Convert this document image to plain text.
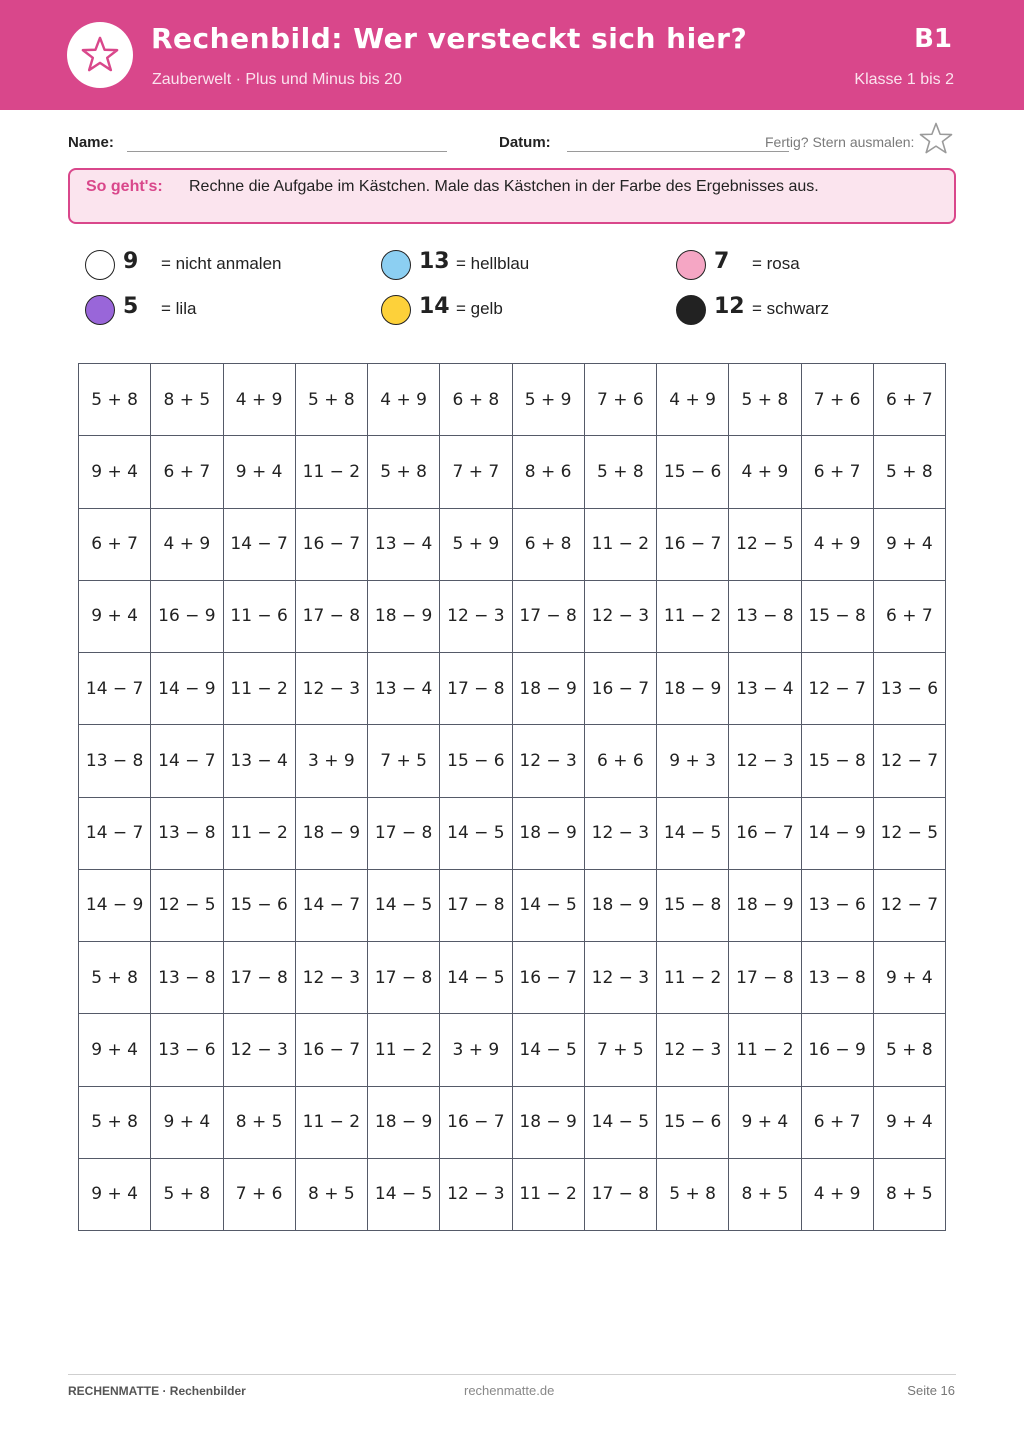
Rechenbild: Wer versteckt sich hier?
Zauberwelt · Plus und Minus bis 20
B1
Klasse 1 bis 2
Name:	Datum:	Fertig? Stern ausmalen:
So geht's: Rechne die Aufgabe im Kästchen. Male das Kästchen in der Farbe des Ergebnisses aus.
9 = nicht anmalen	13 = hellblau	7 = rosa
5 = lila	14 = gelb	12 = schwarz
5 + 8	8 + 5	4 + 9	5 + 8	4 + 9	6 + 8	5 + 9	7 + 6	4 + 9	5 + 8	7 + 6	6 + 7
9 + 4	6 + 7	9 + 4	11 − 2	5 + 8	7 + 7	8 + 6	5 + 8	15 − 6	4 + 9	6 + 7	5 + 8
6 + 7	4 + 9	14 − 7	16 − 7	13 − 4	5 + 9	6 + 8	11 − 2	16 − 7	12 − 5	4 + 9	9 + 4
9 + 4	16 − 9	11 − 6	17 − 8	18 − 9	12 − 3	17 − 8	12 − 3	11 − 2	13 − 8	15 − 8	6 + 7
14 − 7	14 − 9	11 − 2	12 − 3	13 − 4	17 − 8	18 − 9	16 − 7	18 − 9	13 − 4	12 − 7	13 − 6
13 − 8	14 − 7	13 − 4	3 + 9	7 + 5	15 − 6	12 − 3	6 + 6	9 + 3	12 − 3	15 − 8	12 − 7
14 − 7	13 − 8	11 − 2	18 − 9	17 − 8	14 − 5	18 − 9	12 − 3	14 − 5	16 − 7	14 − 9	12 − 5
14 − 9	12 − 5	15 − 6	14 − 7	14 − 5	17 − 8	14 − 5	18 − 9	15 − 8	18 − 9	13 − 6	12 − 7
5 + 8	13 − 8	17 − 8	12 − 3	17 − 8	14 − 5	16 − 7	12 − 3	11 − 2	17 − 8	13 − 8	9 + 4
9 + 4	13 − 6	12 − 3	16 − 7	11 − 2	3 + 9	14 − 5	7 + 5	12 − 3	11 − 2	16 − 9	5 + 8
5 + 8	9 + 4	8 + 5	11 − 2	18 − 9	16 − 7	18 − 9	14 − 5	15 − 6	9 + 4	6 + 7	9 + 4
9 + 4	5 + 8	7 + 6	8 + 5	14 − 5	12 − 3	11 − 2	17 − 8	5 + 8	8 + 5	4 + 9	8 + 5
RECHENMATTE · Rechenbilder	rechenmatte.de	Seite 16
